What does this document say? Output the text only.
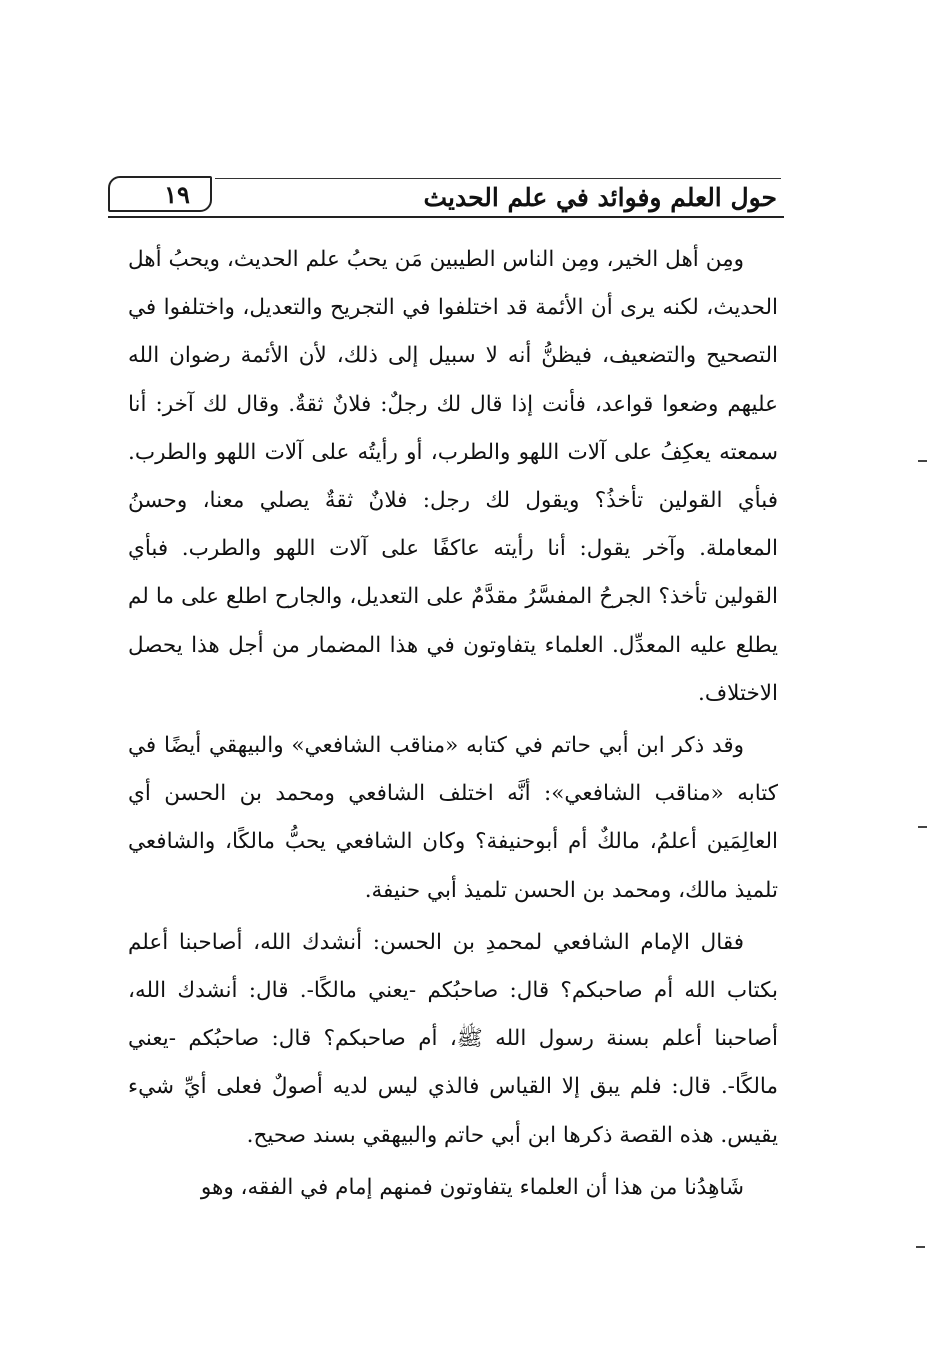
١٩	حول العلم وفوائد في علم الحديث

ومِن أهل الخير، ومِن الناس الطيبين مَن يحبُ علم الحديث، ويحبُ أهل الحديث، لكنه يرى أن الأئمة قد اختلفوا في التجريح والتعديل، واختلفوا في التصحيح والتضعيف، فيظنُّ أنه لا سبيل إلى ذلك، لأن الأئمة رضوان الله عليهم وضعوا قواعد، فأنت إذا قال لك رجلٌ: فلانٌ ثقةٌ. وقال لك آخر: أنا سمعته يعكِفُ على آلات اللهو والطرب، أو رأيتُه على آلات اللهو والطرب. فبأي القولين تأخذُ؟ ويقول لك رجل: فلانٌ ثقةٌ يصلي معنا، وحسنُ المعاملة. وآخر يقول: أنا رأيته عاكفًا على آلات اللهو والطرب. فبأي القولين تأخذ؟ الجرحُ المفسَّرُ مقدَّمٌ على التعديل، والجارح اطلع على ما لم يطلع عليه المعدِّل. العلماء يتفاوتون في هذا المضمار من أجل هذا يحصل الاختلاف.

وقد ذكر ابن أبي حاتم في كتابه «مناقب الشافعي» والبيهقي أيضًا في كتابه «مناقب الشافعي»: أنَّه اختلف الشافعي ومحمد بن الحسن أي العالِمَين أعلمُ، مالكٌ أم أبوحنيفة؟ وكان الشافعي يحبُّ مالكًا، والشافعي تلميذ مالك، ومحمد بن الحسن تلميذ أبي حنيفة.

فقال الإمام الشافعي لمحمدِ بن الحسن: أنشدك الله، أصاحبنا أعلم بكتاب الله أم صاحبكم؟ قال: صاحبُكم -يعني مالكًا-. قال: أنشدك الله، أصاحبنا أعلم بسنة رسول الله ﷺ، أم صاحبكم؟ قال: صاحبُكم -يعني مالكًا-. قال: فلم يبق إلا القياس فالذي ليس لديه أصولٌ فعلى أيِّ شيء يقيس. هذه القصة ذكرها ابن أبي حاتم والبيهقي بسند صحيح.

شَاهِدُنا من هذا أن العلماء يتفاوتون فمنهم إمام في الفقه، وهو
